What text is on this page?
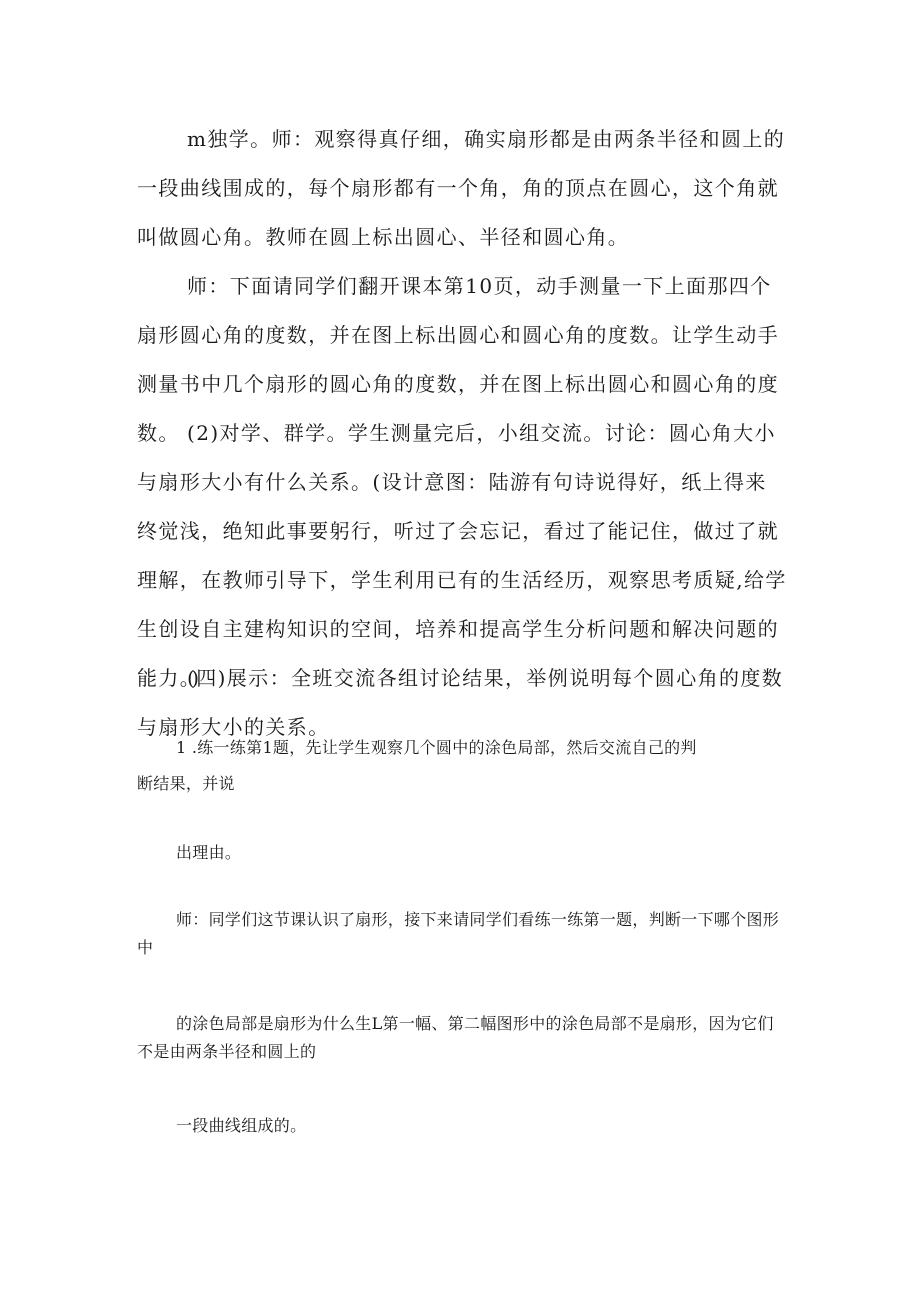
m独学。师：观察得真仔细，确实扇形都是由两条半径和圆上的一段曲线围成的，每个扇形都有一个角，角的顶点在圆心，这个角就叫做圆心角。教师在圆上标出圆心、半径和圆心角。

师：下面请同学们翻开课本第10页，动手测量一下上面那四个扇形圆心角的度数，并在图上标出圆心和圆心角的度数。让学生动手测量书中几个扇形的圆心角的度数，并在图上标出圆心和圆心角的度数。 (2)对学、群学。学生测量完后，小组交流。讨论：圆心角大小与扇形大小有什么关系。(设计意图：陆游有句诗说得好，纸上得来终觉浅，绝知此事要躬行，听过了会忘记，看过了能记住，做过了就理解，在教师引导下，学生利用已有的生活经历，观察思考质疑,给学生创设自主建构知识的空间，培养和提高学生分析问题和解决问题的能力。)

(四)展示：全班交流各组讨论结果，举例说明每个圆心角的度数与扇形大小的关系。

1 .练一练第1题，先让学生观察几个圆中的涂色局部，然后交流自己的判

断结果，并说

出理由。

师：同学们这节课认识了扇形，接下来请同学们看练一练第一题，判断一下哪个图形中

的涂色局部是扇形为什么生L第一幅、第二幅图形中的涂色局部不是扇形，因为它们不是由两条半径和圆上的

一段曲线组成的。
